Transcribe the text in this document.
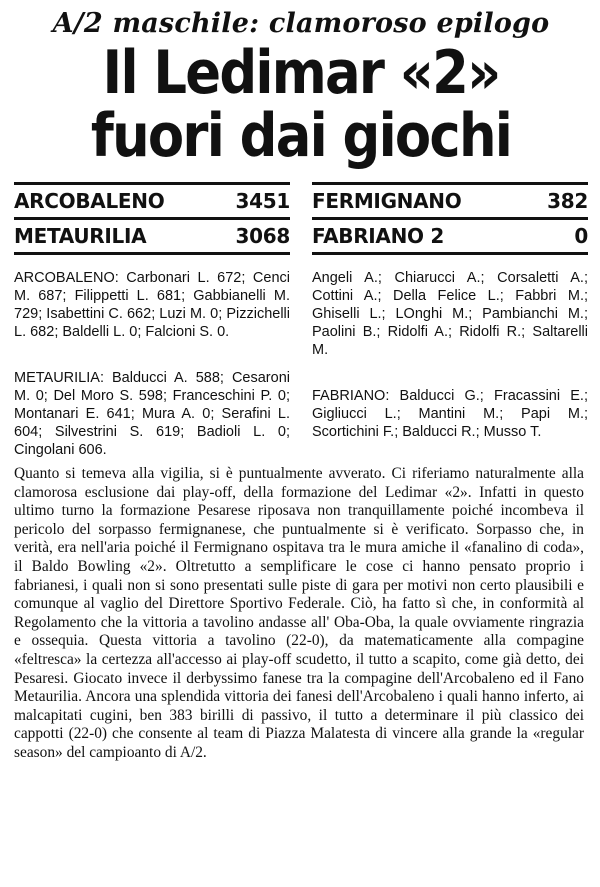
A/2 maschile: clamoroso epilogo
Il Ledimar «2»
fuori dai giochi
ARCOBALENO	3451
METAURILIA	3068
FERMIGNANO	382
FABRIANO 2	0

ARCOBALENO: Carbonari L. 672; Cenci M. 687; Filippetti L. 681; Gabbianelli M. 729; Isabettini C. 662; Luzi M. 0; Pizzichelli L. 682; Baldelli L. 0; Falcioni S. 0.

METAURILIA: Balducci A. 588; Cesaroni M. 0; Del Moro S. 598; Franceschini P. 0; Montanari E. 641; Mura A. 0; Serafini L. 604; Silvestrini S. 619; Badioli L. 0; Cingolani 606.

Angeli A.; Chiarucci A.; Corsaletti A.; Cottini A.; Della Felice L.; Fabbri M.; Ghiselli L.; LOnghi M.; Pambianchi M.; Paolini B.; Ridolfi A.; Ridolfi R.; Saltarelli M.

FABRIANO: Balducci G.; Fracassini E.; Gigliucci L.; Mantini M.; Papi M.; Scortichini F.; Balducci R.; Musso T.

Quanto si temeva alla vigilia, si è puntualmente avverato. Ci riferiamo naturalmente alla clamorosa esclusione dai play-off, della formazione del Ledimar «2». Infatti in questo ultimo turno la formazione Pesarese riposava non tranquillamente poiché incombeva il pericolo del sorpasso fermignanese, che puntualmente si è verificato. Sorpasso che, in verità, era nell'aria poiché il Fermignano ospitava tra le mura amiche il «fanalino di coda», il Baldo Bowling «2». Oltretutto a semplificare le cose ci hanno pensato proprio i fabrianesi, i quali non si sono presentati sulle piste di gara per motivi non certo plausibili e comunque al vaglio del Direttore Sportivo Federale. Ciò, ha fatto sì che, in conformità al Regolamento che la vittoria a tavolino andasse all' Oba-Oba, la quale ovviamente ringrazia e ossequia. Questa vittoria a tavolino (22-0), da matematicamente alla compagine «feltresca» la certezza all'accesso ai play-off scudetto, il tutto a scapito, come già detto, dei Pesaresi. Giocato invece il derbyssimo fanese tra la compagine dell'Arcobaleno ed il Fano Metaurilia. Ancora una splendida vittoria dei fanesi dell'Arcobaleno i quali hanno inferto, ai malcapitati cugini, ben 383 birilli di passivo, il tutto a determinare il più classico dei cappotti (22-0) che consente al team di Piazza Malatesta di vincere alla grande la «regular season» del campioanto di A/2.
